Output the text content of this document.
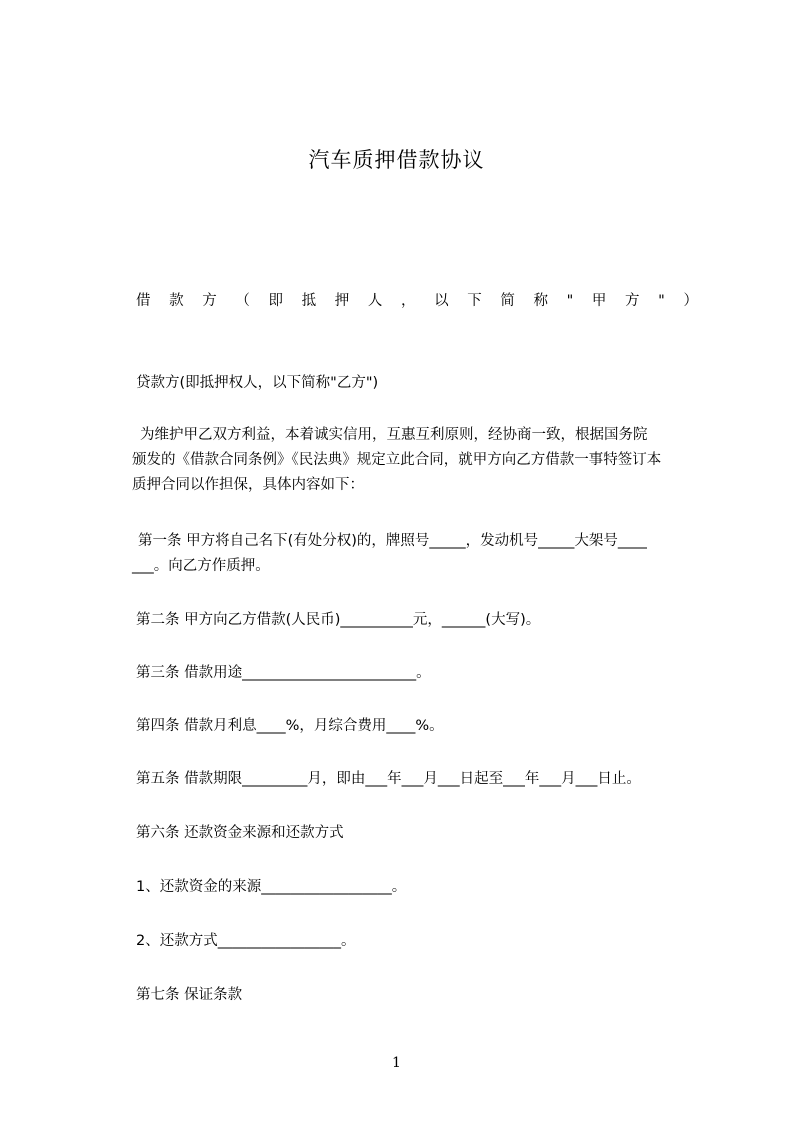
汽车质押借款协议
借 款 方 （ 即 抵 押 人 ， 以 下 简 称 " 甲 方 " ）
贷款方(即抵押权人，以下简称"乙方")
为维护甲乙双方利益，本着诚实信用，互惠互利原则，经协商一致，根据国务院
颁发的《借款合同条例》《民法典》规定立此合同，就甲方向乙方借款一事特签订本
质押合同以作担保，具体内容如下：
第一条 甲方将自己名下(有处分权)的，牌照号_____，发动机号_____大架号____
___。向乙方作质押。
第二条 甲方向乙方借款(人民币)__________元，______(大写)。
第三条 借款用途________________________。
第四条 借款月利息____%，月综合费用____%。
第五条 借款期限_________月，即由___年___月___日起至___年___月___日止。
第六条 还款资金来源和还款方式
1、还款资金的来源__________________。
2、还款方式_________________。
第七条 保证条款
1
